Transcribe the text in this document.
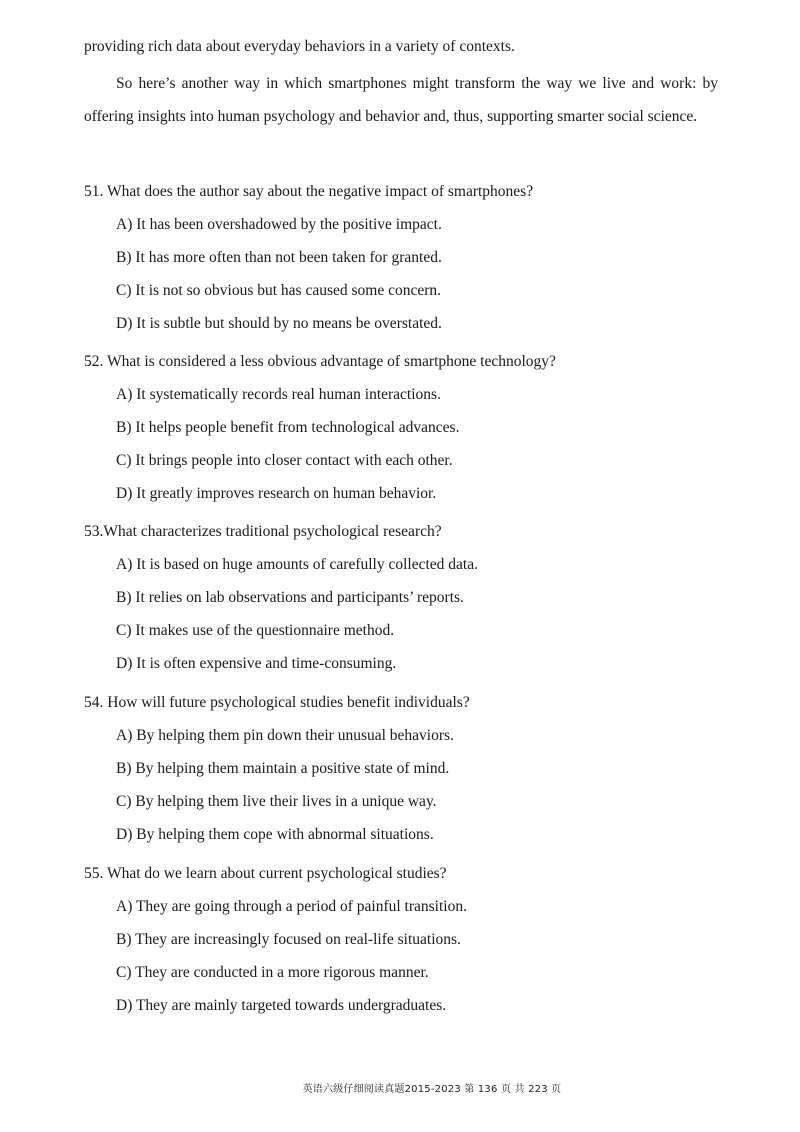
providing rich data about everyday behaviors in a variety of contexts.

So here’s another way in which smartphones might transform the way we live and work: by offering insights into human psychology and behavior and, thus, supporting smarter social science.

51. What does the author say about the negative impact of smartphones?

A) It has been overshadowed by the positive impact.
B) It has more often than not been taken for granted.
C) It is not so obvious but has caused some concern.
D) It is subtle but should by no means be overstated.

52. What is considered a less obvious advantage of smartphone technology?

A) It systematically records real human interactions.
B) It helps people benefit from technological advances.
C) It brings people into closer contact with each other.
D) It greatly improves research on human behavior.

53.What characterizes traditional psychological research?

A) It is based on huge amounts of carefully collected data.
B) It relies on lab observations and participants’ reports.
C) It makes use of the questionnaire method.
D) It is often expensive and time-consuming.

54. How will future psychological studies benefit individuals?

A) By helping them pin down their unusual behaviors.
B) By helping them maintain a positive state of mind.
C) By helping them live their lives in a unique way.
D) By helping them cope with abnormal situations.

55. What do we learn about current psychological studies?

A) They are going through a period of painful transition.
B) They are increasingly focused on real-life situations.
C) They are conducted in a more rigorous manner.
D) They are mainly targeted towards undergraduates.
英语六级仔细阅读真题2015-2023 第 136 页 共 223 页
